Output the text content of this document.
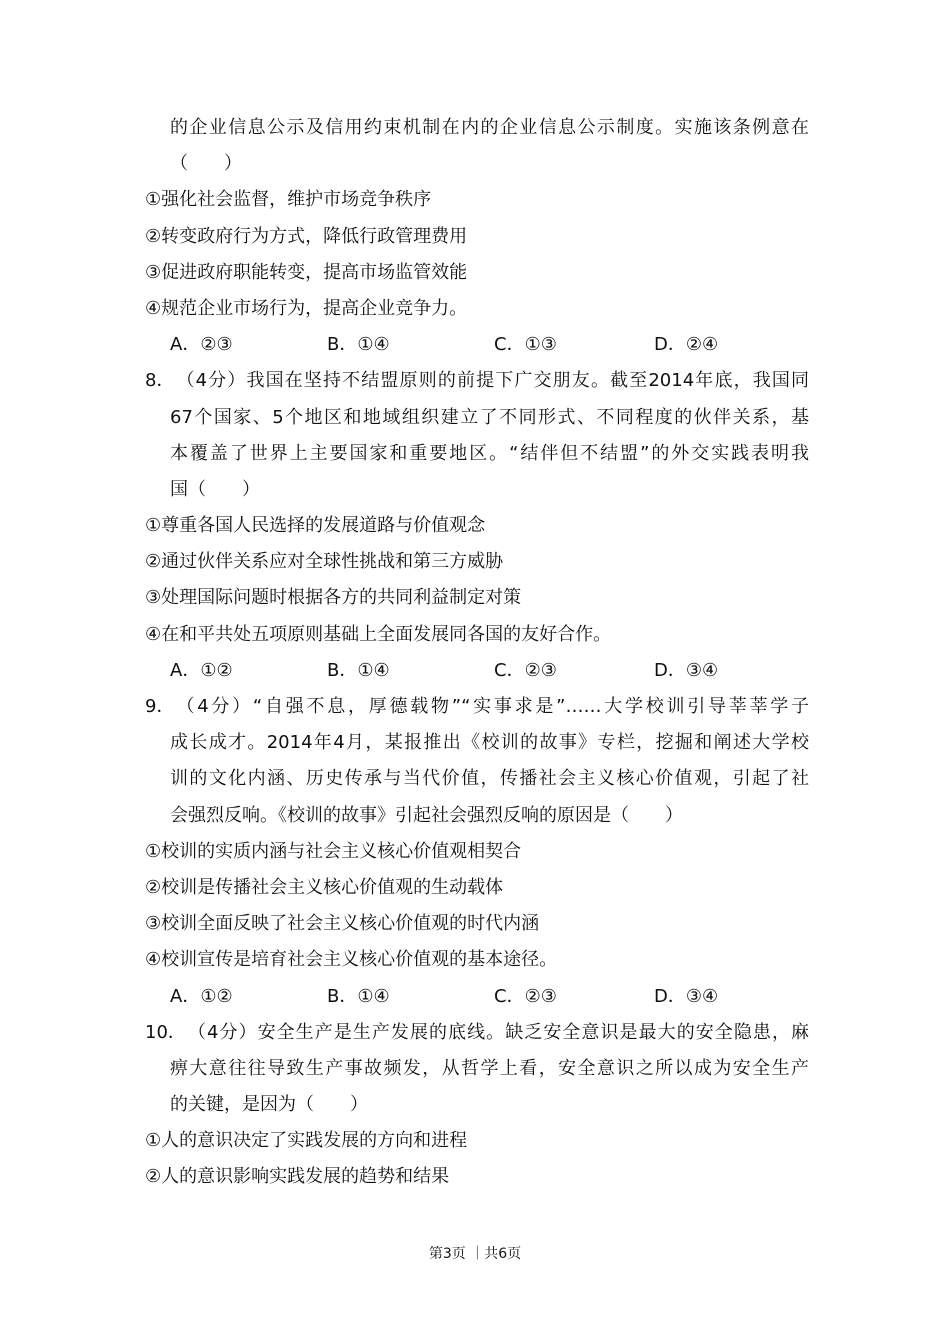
的企业信息公示及信用约束机制在内的企业信息公示制度。实施该条例意在
（　　）
①强化社会监督，维护市场竞争秩序
②转变政府行为方式，降低行政管理费用
③促进政府职能转变，提高市场监管效能
④规范企业市场行为，提高企业竞争力。
A．②③	B．①④	C．①③	D．②④
8． （4分）我国在坚持不结盟原则的前提下广交朋友。截至2014年底，我国同
67个国家、5个地区和地域组织建立了不同形式、不同程度的伙伴关系，基
本覆盖了世界上主要国家和重要地区。“结伴但不结盟”的外交实践表明我
国（　　）
①尊重各国人民选择的发展道路与价值观念
②通过伙伴关系应对全球性挑战和第三方威胁
③处理国际问题时根据各方的共同利益制定对策
④在和平共处五项原则基础上全面发展同各国的友好合作。
A．①②	B．①④	C．②③	D．③④
9． （4分）“自强不息，厚德载物”“实事求是”……大学校训引导莘莘学子
成长成才。2014年4月，某报推出《校训的故事》专栏，挖掘和阐述大学校
训的文化内涵、历史传承与当代价值，传播社会主义核心价值观，引起了社
会强烈反响。《校训的故事》引起社会强烈反响的原因是（　　）
①校训的实质内涵与社会主义核心价值观相契合
②校训是传播社会主义核心价值观的生动载体
③校训全面反映了社会主义核心价值观的时代内涵
④校训宣传是培育社会主义核心价值观的基本途径。
A．①②	B．①④	C．②③	D．③④
10． （4分）安全生产是生产发展的底线。缺乏安全意识是最大的安全隐患，麻
痹大意往往导致生产事故频发，从哲学上看，安全意识之所以成为安全生产
的关键，是因为（　　）
①人的意识决定了实践发展的方向和进程
②人的意识影响实践发展的趋势和结果
第3页 ｜共6页
